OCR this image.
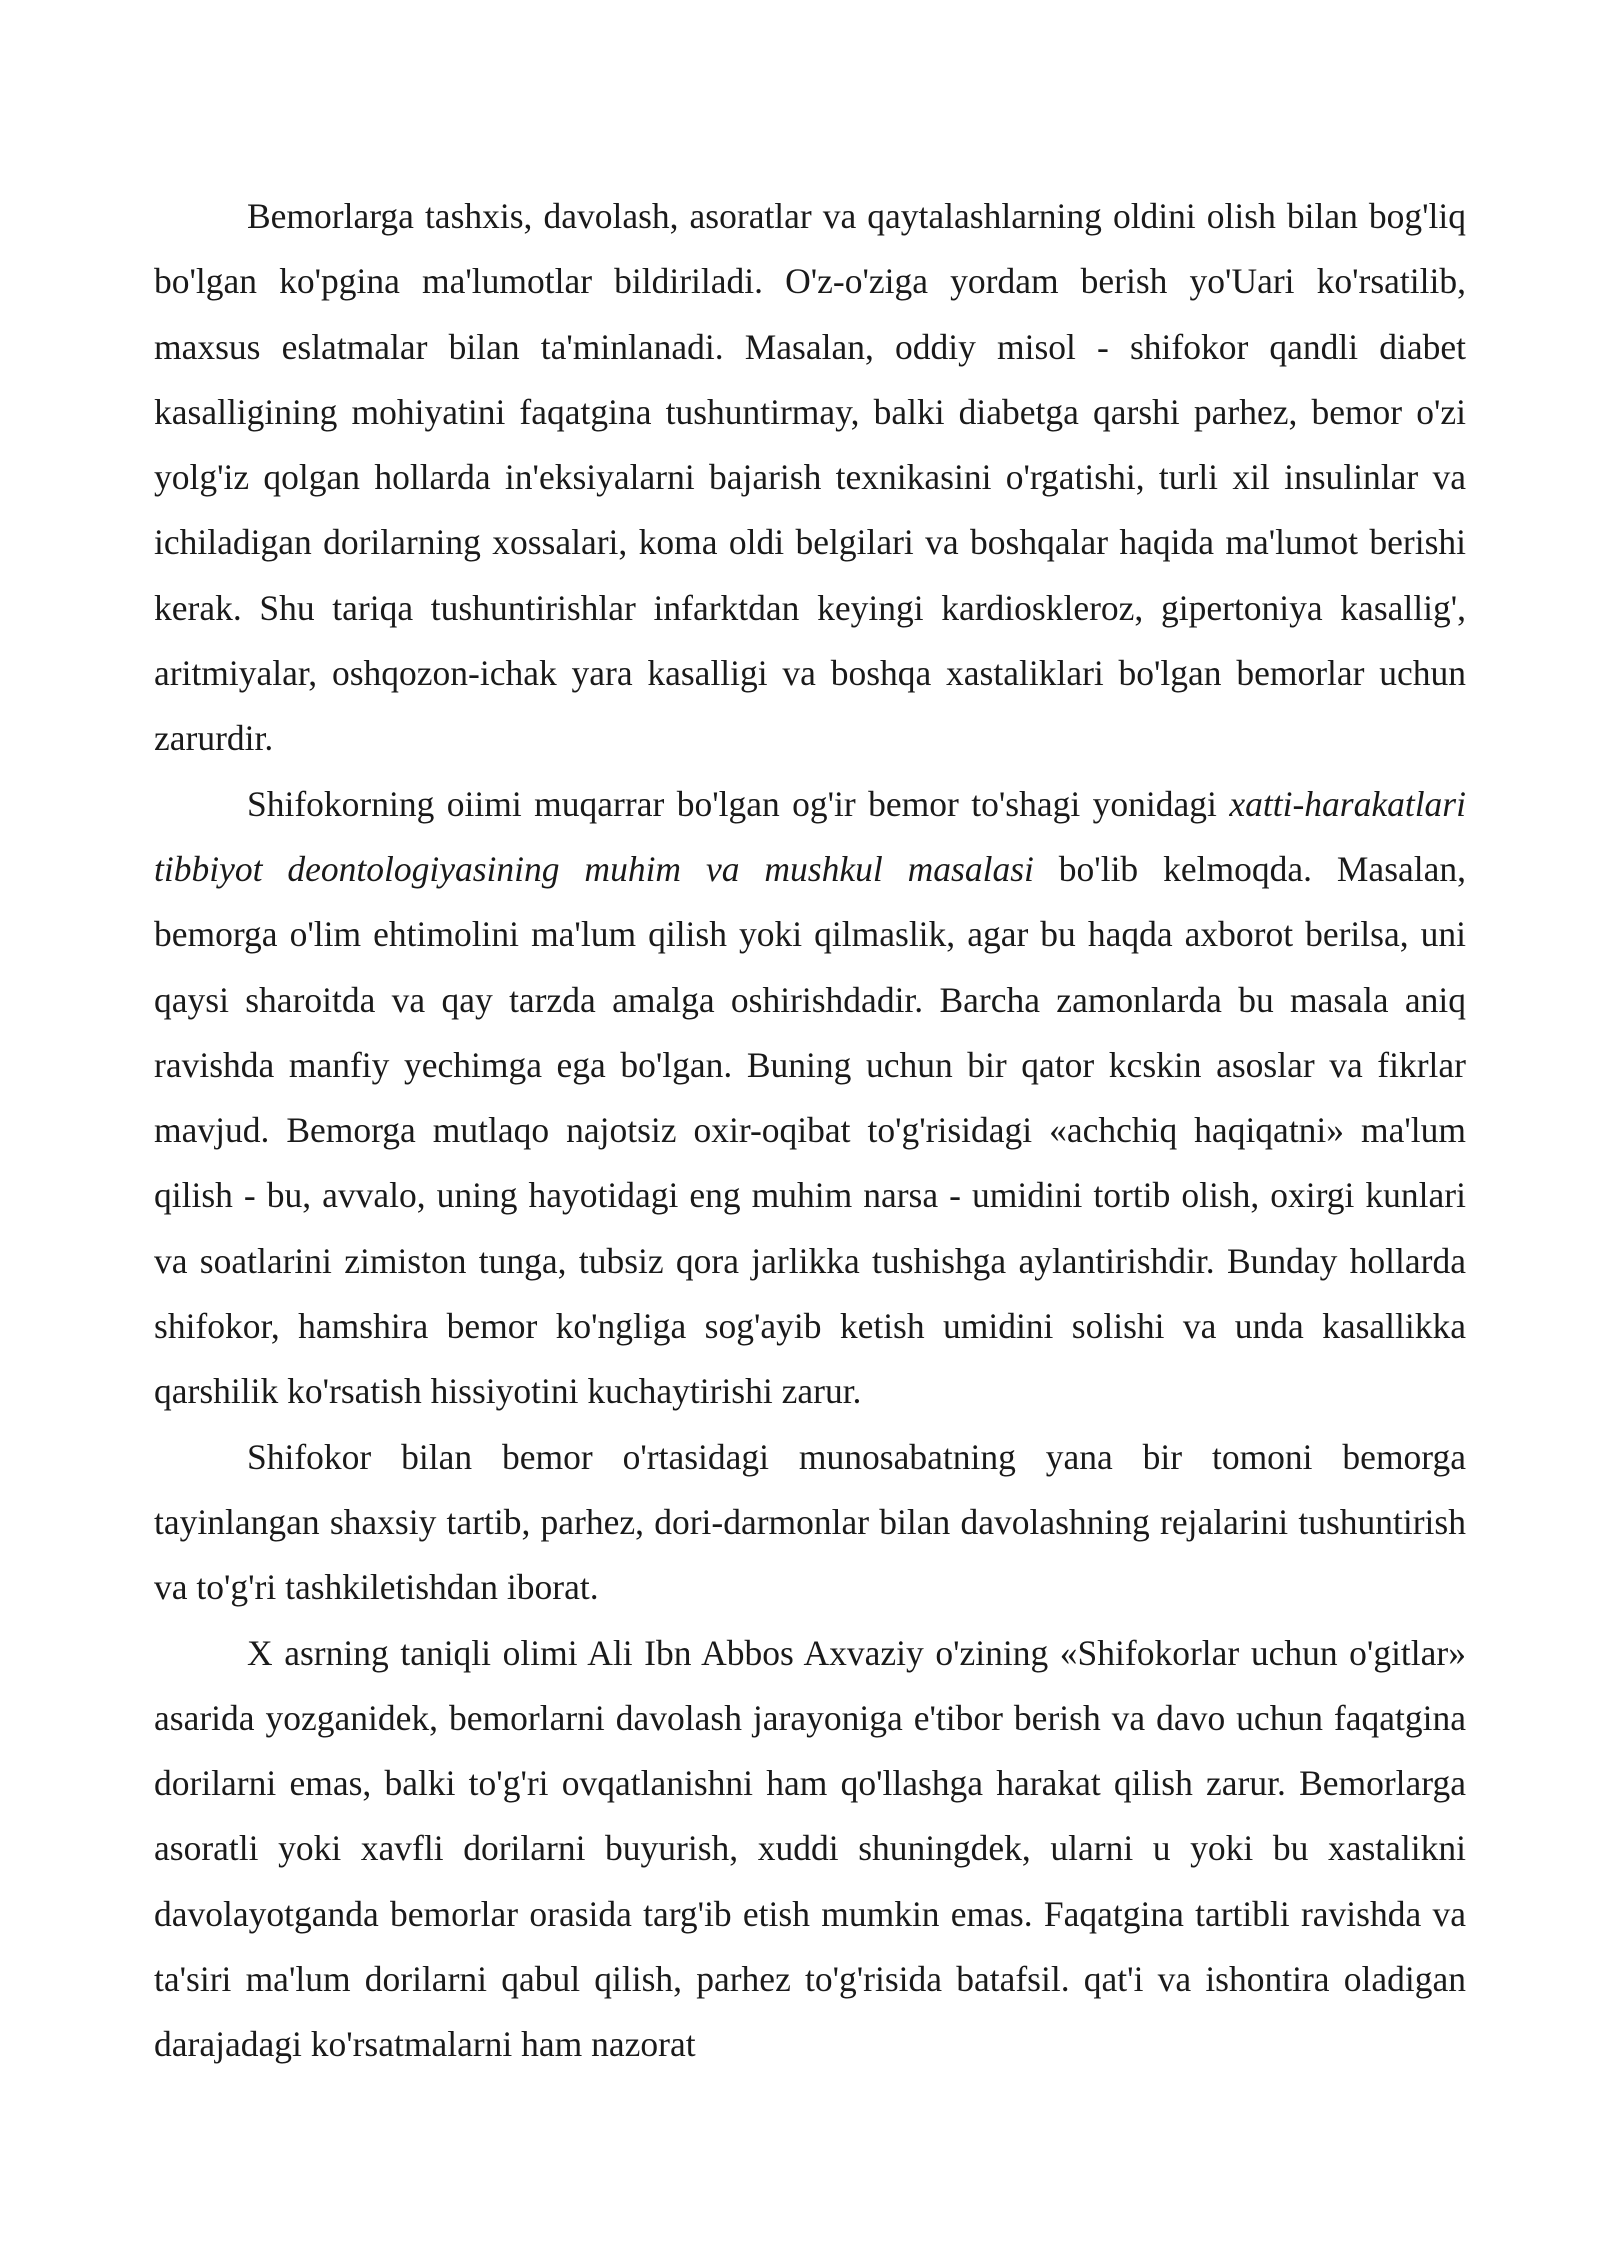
Bemorlarga tashxis, davolash, asoratlar va qaytalashlarning oldini olish bilan bog'liq bo'lgan ko'pgina ma'lumotlar bildiriladi. O'z-o'ziga yordam berish yo'Uari ko'rsatilib, maxsus eslatmalar bilan ta'minlanadi. Masalan, oddiy misol - shifokor qandli diabet kasalligining mohiyatini faqatgina tushuntirmay, balki diabetga qarshi parhez, bemor o'zi yolg'iz qolgan hollarda in'eksiyalarni bajarish texnikasini o'rgatishi, turli xil insulinlar va ichiladigan dorilarning xossalari, koma oldi belgilari va boshqalar haqida ma'lumot berishi kerak. Shu tariqa tushuntirishlar infarktdan keyingi kardioskleroz, gipertoniya kasallig', aritmiyalar, oshqozon-ichak yara kasalligi va boshqa xastaliklari bo'lgan bemorlar uchun zarurdir.

Shifokorning oiimi muqarrar bo'lgan og'ir bemor to'shagi yonidagi xatti-harakatlari tibbiyot deontologiyasining muhim va mushkul masalasi bo'lib kelmoqda. Masalan, bemorga o'lim ehtimolini ma'lum qilish yoki qilmaslik, agar bu haqda axborot berilsa, uni qaysi sharoitda va qay tarzda amalga oshirishdadir. Barcha zamonlarda bu masala aniq ravishda manfiy yechimga ega bo'lgan. Buning uchun bir qator kcskin asoslar va fikrlar mavjud. Bemorga mutlaqo najotsiz oxir-oqibat to'g'risidagi «achchiq haqiqatni» ma'lum qilish - bu, avvalo, uning hayotidagi eng muhim narsa - umidini tortib olish, oxirgi kunlari va soatlarini zimiston tunga, tubsiz qora jarlikka tushishga aylantirishdir. Bunday hollarda shifokor, hamshira bemor ko'ngliga sog'ayib ketish umidini solishi va unda kasallikka qarshilik ko'rsatish hissiyotini kuchaytirishi zarur.

Shifokor bilan bemor o'rtasidagi munosabatning yana bir tomoni bemorga tayinlangan shaxsiy tartib, parhez, dori-darmonlar bilan davolashning rejalarini tushuntirish va to'g'ri tashkiletishdan iborat.

X asrning taniqli olimi Ali Ibn Abbos Axvaziy o'zining «Shifokorlar uchun o'gitlar» asarida yozganidek, bemorlarni davolash jarayoniga e'tibor berish va davo uchun faqatgina dorilarni emas, balki to'g'ri ovqatlanishni ham qo'llashga harakat qilish zarur. Bemorlarga asoratli yoki xavfli dorilarni buyurish, xuddi shuningdek, ularni u yoki bu xastalikni davolayotganda bemorlar orasida targ'ib etish mumkin emas. Faqatgina tartibli ravishda va ta'siri ma'lum dorilarni qabul qilish, parhez to'g'risida batafsil. qat'i va ishontira oladigan darajadagi ko'rsatmalarni ham nazorat
